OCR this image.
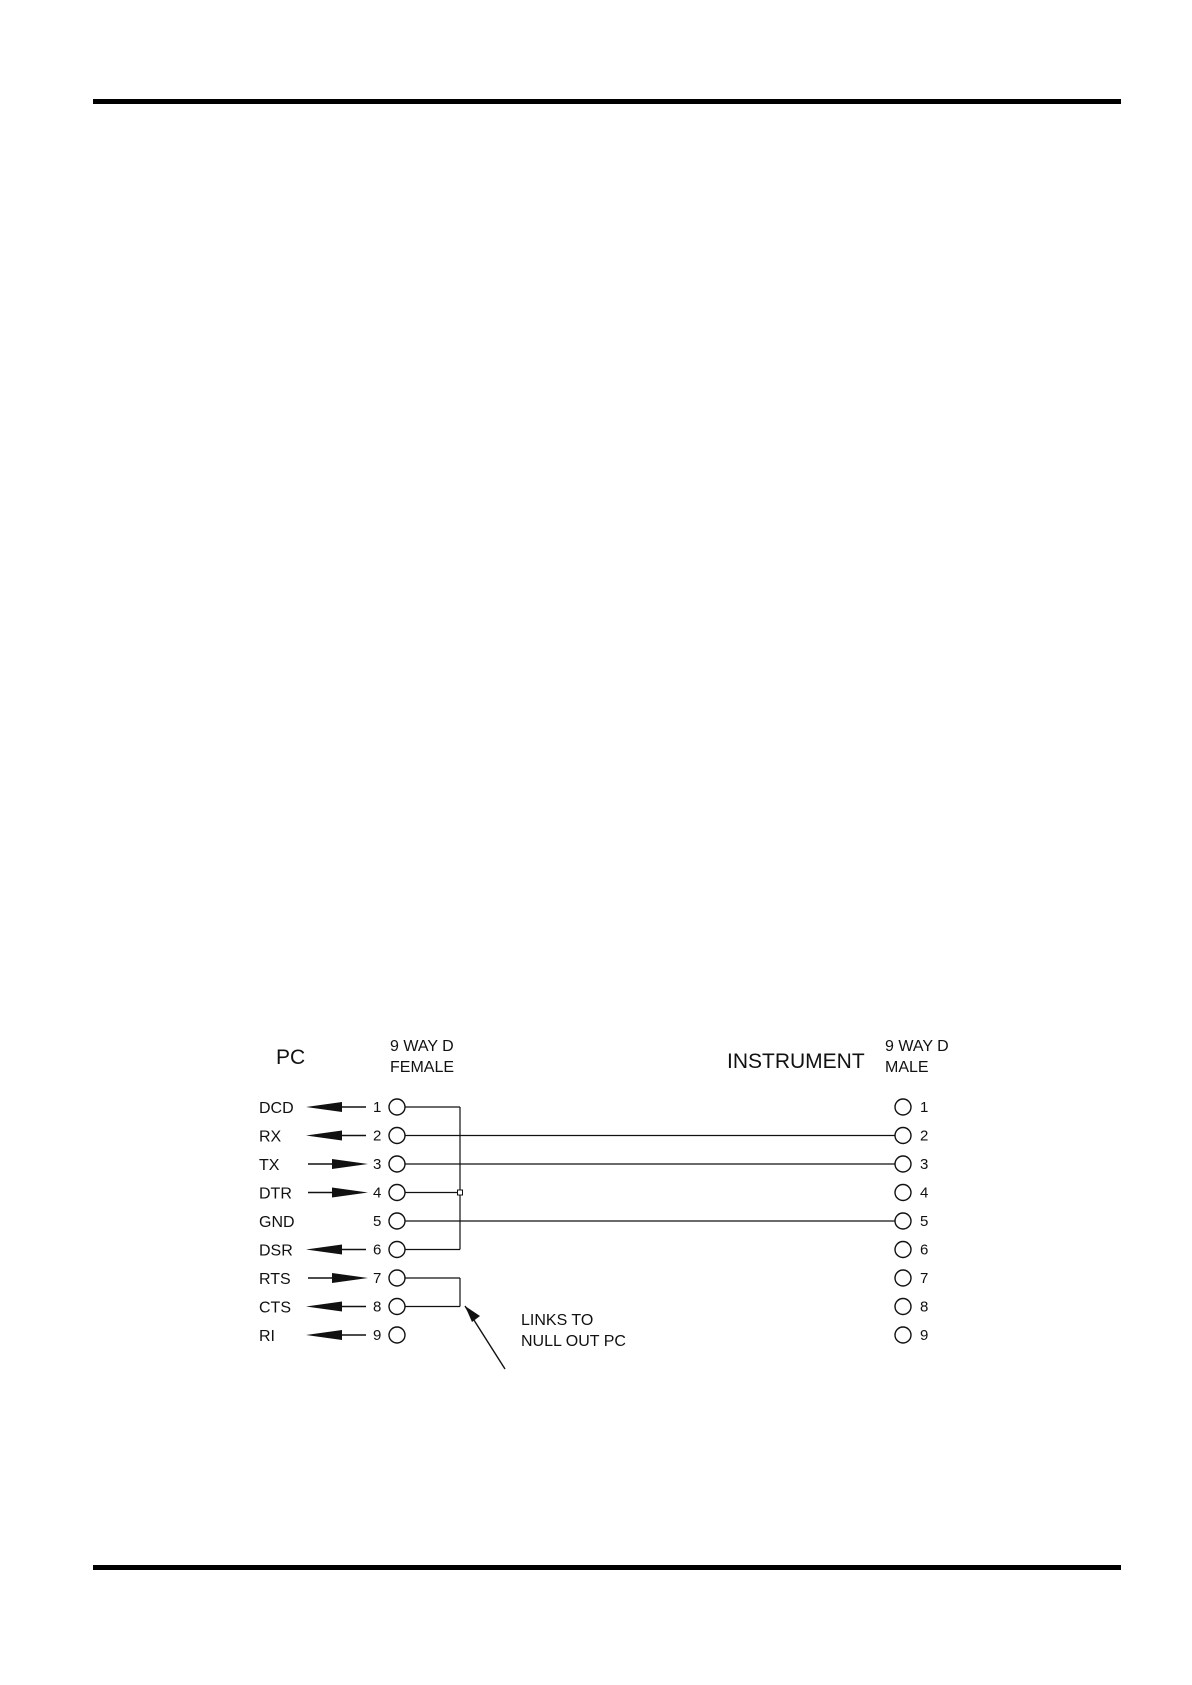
PC	9 WAY D
FEMALE	INSTRUMENT
9 WAY D
MALE
DCD	1
RX	2
TX	3
DTR	4
GND	5
DSR	6
RTS	7
CTS	8
RI	9
1
2
3
4
5
6
7
8
9
LINKS TO
NULL OUT PC
